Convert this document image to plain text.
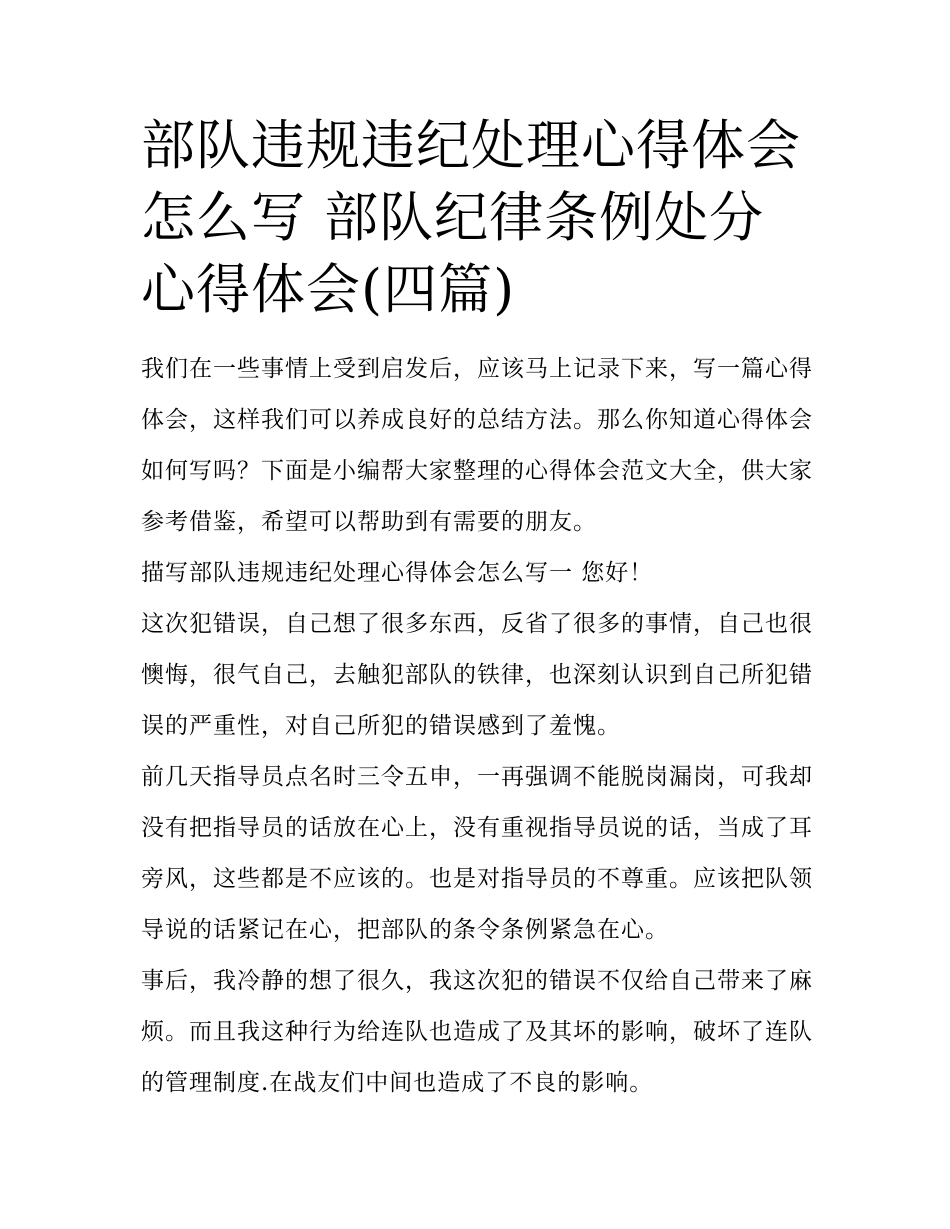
部队违规违纪处理心得体会怎么写 部队纪律条例处分心得体会(四篇)

我们在一些事情上受到启发后，应该马上记录下来，写一篇心得体会，这样我们可以养成良好的总结方法。那么你知道心得体会如何写吗？下面是小编帮大家整理的心得体会范文大全，供大家参考借鉴，希望可以帮助到有需要的朋友。

描写部队违规违纪处理心得体会怎么写一 您好！

这次犯错误，自己想了很多东西，反省了很多的事情，自己也很懊悔，很气自己，去触犯部队的铁律，也深刻认识到自己所犯错误的严重性，对自己所犯的错误感到了羞愧。

前几天指导员点名时三令五申，一再强调不能脱岗漏岗，可我却没有把指导员的话放在心上，没有重视指导员说的话，当成了耳旁风，这些都是不应该的。也是对指导员的不尊重。应该把队领导说的话紧记在心，把部队的条令条例紧急在心。

事后，我冷静的想了很久，我这次犯的错误不仅给自己带来了麻烦。而且我这种行为给连队也造成了及其坏的影响，破坏了连队的管理制度.在战友们中间也造成了不良的影响。
